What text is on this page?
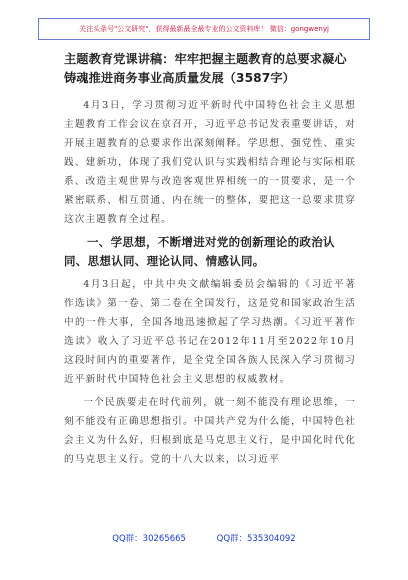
关注头条号"公文研究"，获得最新最全最专业的公文资料库！ 微信：gongwenyj
主题教育党课讲稿：牢牢把握主题教育的总要求凝心铸魂推进商务事业高质量发展（3587字）

4月3日，学习贯彻习近平新时代中国特色社会主义思想主题教育工作会议在京召开，习近平总书记发表重要讲话，对开展主题教育的总要求作出深刻阐释。学思想、强党性、重实践、建新功，体现了我们党认识与实践相结合理论与实际相联系、改造主观世界与改造客观世界相统一的一贯要求，是一个紧密联系、相互贯通、内在统一的整体，要把这一总要求贯穿这次主题教育全过程。

一、学思想，不断增进对党的创新理论的政治认同、思想认同、理论认同、情感认同。

4月3日起，中共中央文献编辑委员会编辑的《习近平著作选读》第一卷、第二卷在全国发行，这是党和国家政治生活中的一件大事，全国各地迅速掀起了学习热潮。《习近平著作选读》收入了习近平总书记在2012年11月至2022年10月这段时间内的重要著作，是全党全国各族人民深入学习贯彻习近平新时代中国特色社会主义思想的权威教材。

一个民族要走在时代前列，就一刻不能没有理论思维，一刻不能没有正确思想指引。中国共产党为什么能，中国特色社会主义为什么好，归根到底是马克思主义行，是中国化时代化的马克思主义行。党的十八大以来，以习近平

QQ群：30265665	QQ群：535304092
